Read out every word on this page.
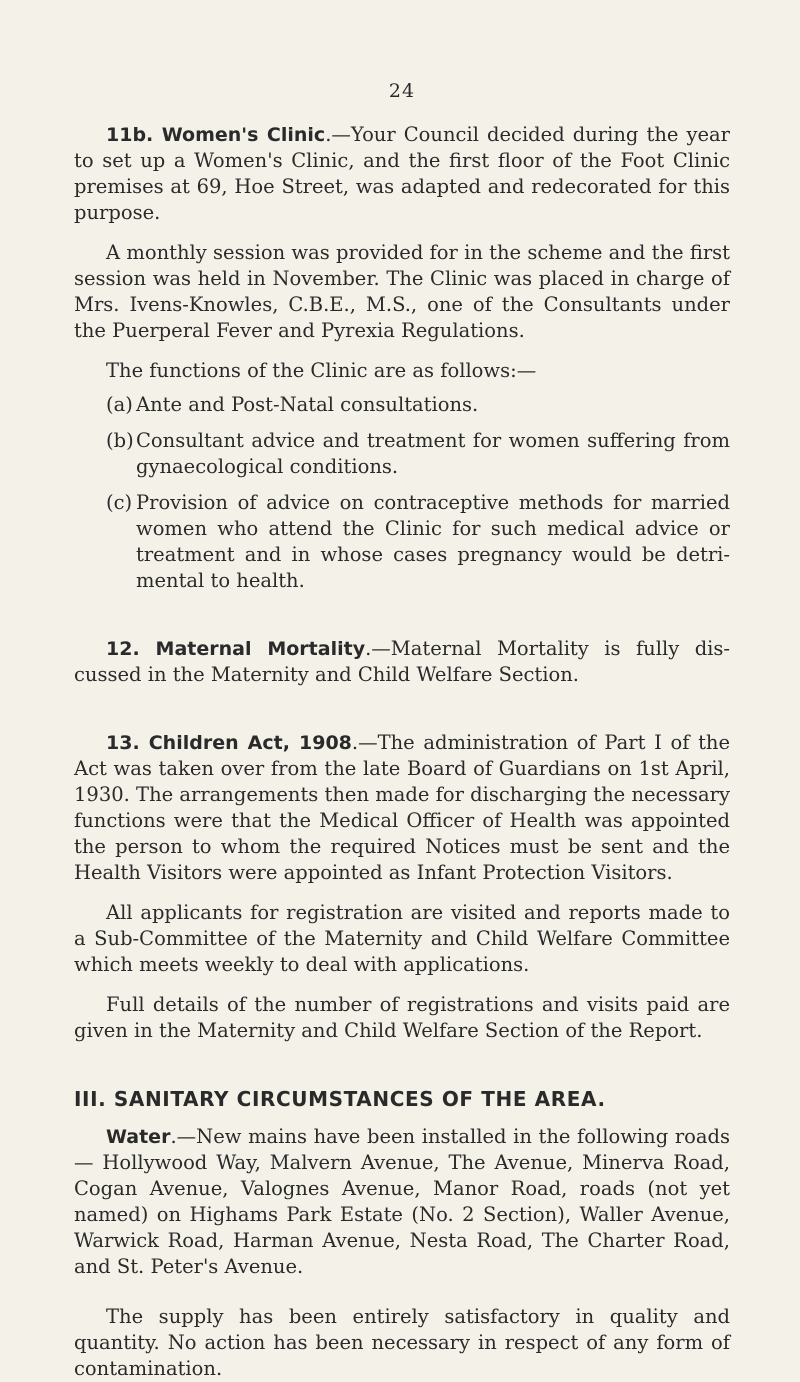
24

11b. Women's Clinic.—Your Council decided during the year to set up a Women's Clinic, and the first floor of the Foot Clinic premises at 69, Hoe Street, was adapted and redecorated for this purpose.

A monthly session was provided for in the scheme and the first session was held in November. The Clinic was placed in charge of Mrs. Ivens-Knowles, C.B.E., M.S., one of the Consultants under the Puerperal Fever and Pyrexia Regulations.

The functions of the Clinic are as follows:—

(a) Ante and Post-Natal consultations.
(b) Consultant advice and treatment for women suffering from gynaecological conditions.
(c) Provision of advice on contraceptive methods for married women who attend the Clinic for such medical advice or treatment and in whose cases pregnancy would be detri- mental to health.

12. Maternal Mortality.—Maternal Mortality is fully dis- cussed in the Maternity and Child Welfare Section.

13. Children Act, 1908.—The administration of Part I of the Act was taken over from the late Board of Guardians on 1st April, 1930. The arrangements then made for discharging the necessary functions were that the Medical Officer of Health was appointed the person to whom the required Notices must be sent and the Health Visitors were appointed as Infant Protection Visitors.

All applicants for registration are visited and reports made to a Sub-Committee of the Maternity and Child Welfare Committee which meets weekly to deal with applications.

Full details of the number of registrations and visits paid are given in the Maternity and Child Welfare Section of the Report.

III. SANITARY CIRCUMSTANCES OF THE AREA.

Water.—New mains have been installed in the following roads— Hollywood Way, Malvern Avenue, The Avenue, Minerva Road, Cogan Avenue, Valognes Avenue, Manor Road, roads (not yet named) on Highams Park Estate (No. 2 Section), Waller Avenue, Warwick Road, Harman Avenue, Nesta Road, The Charter Road, and St. Peter's Avenue.

The supply has been entirely satisfactory in quality and quantity. No action has been necessary in respect of any form of contamination.
